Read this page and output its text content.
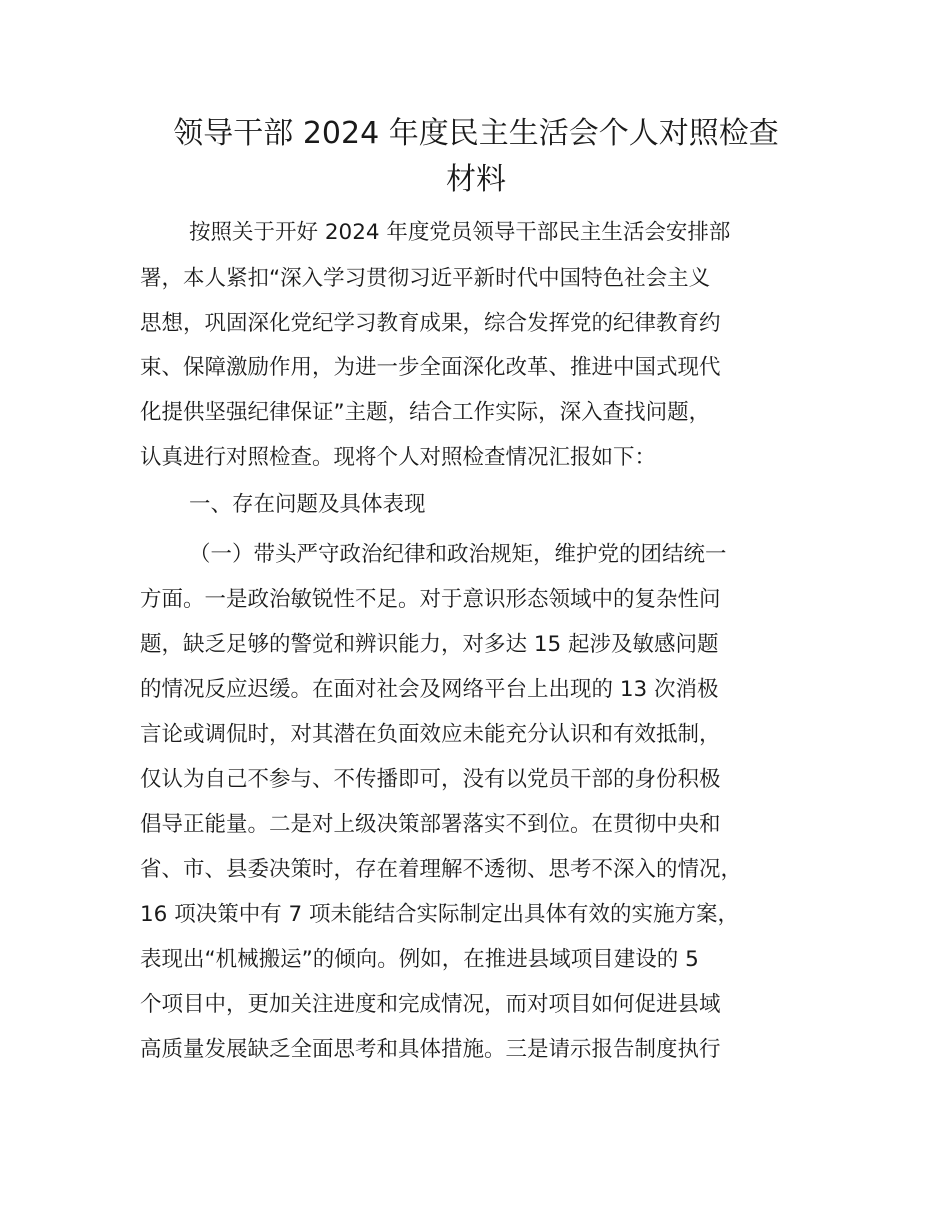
领导干部 2024 年度民主生活会个人对照检查
材料

按照关于开好 2024 年度党员领导干部民主生活会安排部

署，本人紧扣“深入学习贯彻习近平新时代中国特色社会主义

思想，巩固深化党纪学习教育成果，综合发挥党的纪律教育约

束、保障激励作用，为进一步全面深化改革、推进中国式现代

化提供坚强纪律保证”主题，结合工作实际，深入查找问题，

认真进行对照检查。现将个人对照检查情况汇报如下：

一、存在问题及具体表现

（一）带头严守政治纪律和政治规矩，维护党的团结统一

方面。一是政治敏锐性不足。对于意识形态领域中的复杂性问

题，缺乏足够的警觉和辨识能力，对多达 15 起涉及敏感问题

的情况反应迟缓。在面对社会及网络平台上出现的 13 次消极

言论或调侃时，对其潜在负面效应未能充分认识和有效抵制，

仅认为自己不参与、不传播即可，没有以党员干部的身份积极

倡导正能量。二是对上级决策部署落实不到位。在贯彻中央和

省、市、县委决策时，存在着理解不透彻、思考不深入的情况，

16 项决策中有 7 项未能结合实际制定出具体有效的实施方案，

表现出“机械搬运”的倾向。例如，在推进县域项目建设的 5

个项目中，更加关注进度和完成情况，而对项目如何促进县域

高质量发展缺乏全面思考和具体措施。三是请示报告制度执行
